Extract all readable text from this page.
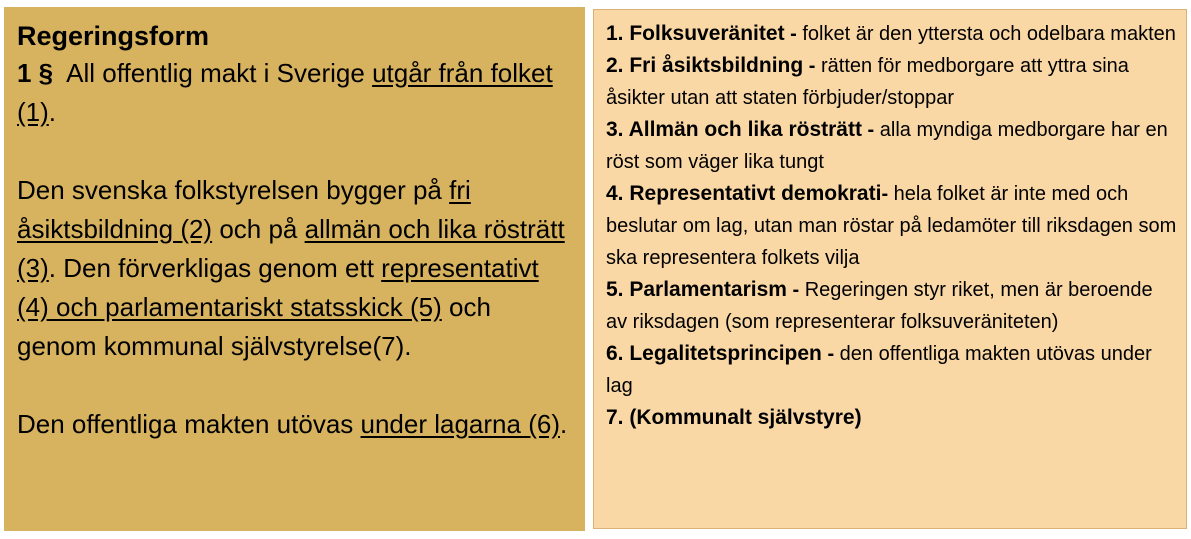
Regeringsform

1 §  All offentlig makt i Sverige utgår från folket (1).

Den svenska folkstyrelsen bygger på fri åsiktsbildning (2) och på allmän och lika rösträtt (3). Den förverkligas genom ett representativt (4) och parlamentariskt statsskick (5) och genom kommunal självstyrelse(7).

Den offentliga makten utövas under lagarna (6).

1. Folksuveränitet - folket är den yttersta och odelbara makten
2. Fri åsiktsbildning - rätten för medborgare att yttra sina åsikter utan att staten förbjuder/stoppar
3. Allmän och lika rösträtt - alla myndiga medborgare har en röst som väger lika tungt
4. Representativt demokrati- hela folket är inte med och beslutar om lag, utan man röstar på ledamöter till riksdagen som ska representera folkets vilja
5. Parlamentarism - Regeringen styr riket, men är beroende av riksdagen (som representerar folksuveräniteten)
6. Legalitetsprincipen - den offentliga makten utövas under lag
7. (Kommunalt självstyre)
